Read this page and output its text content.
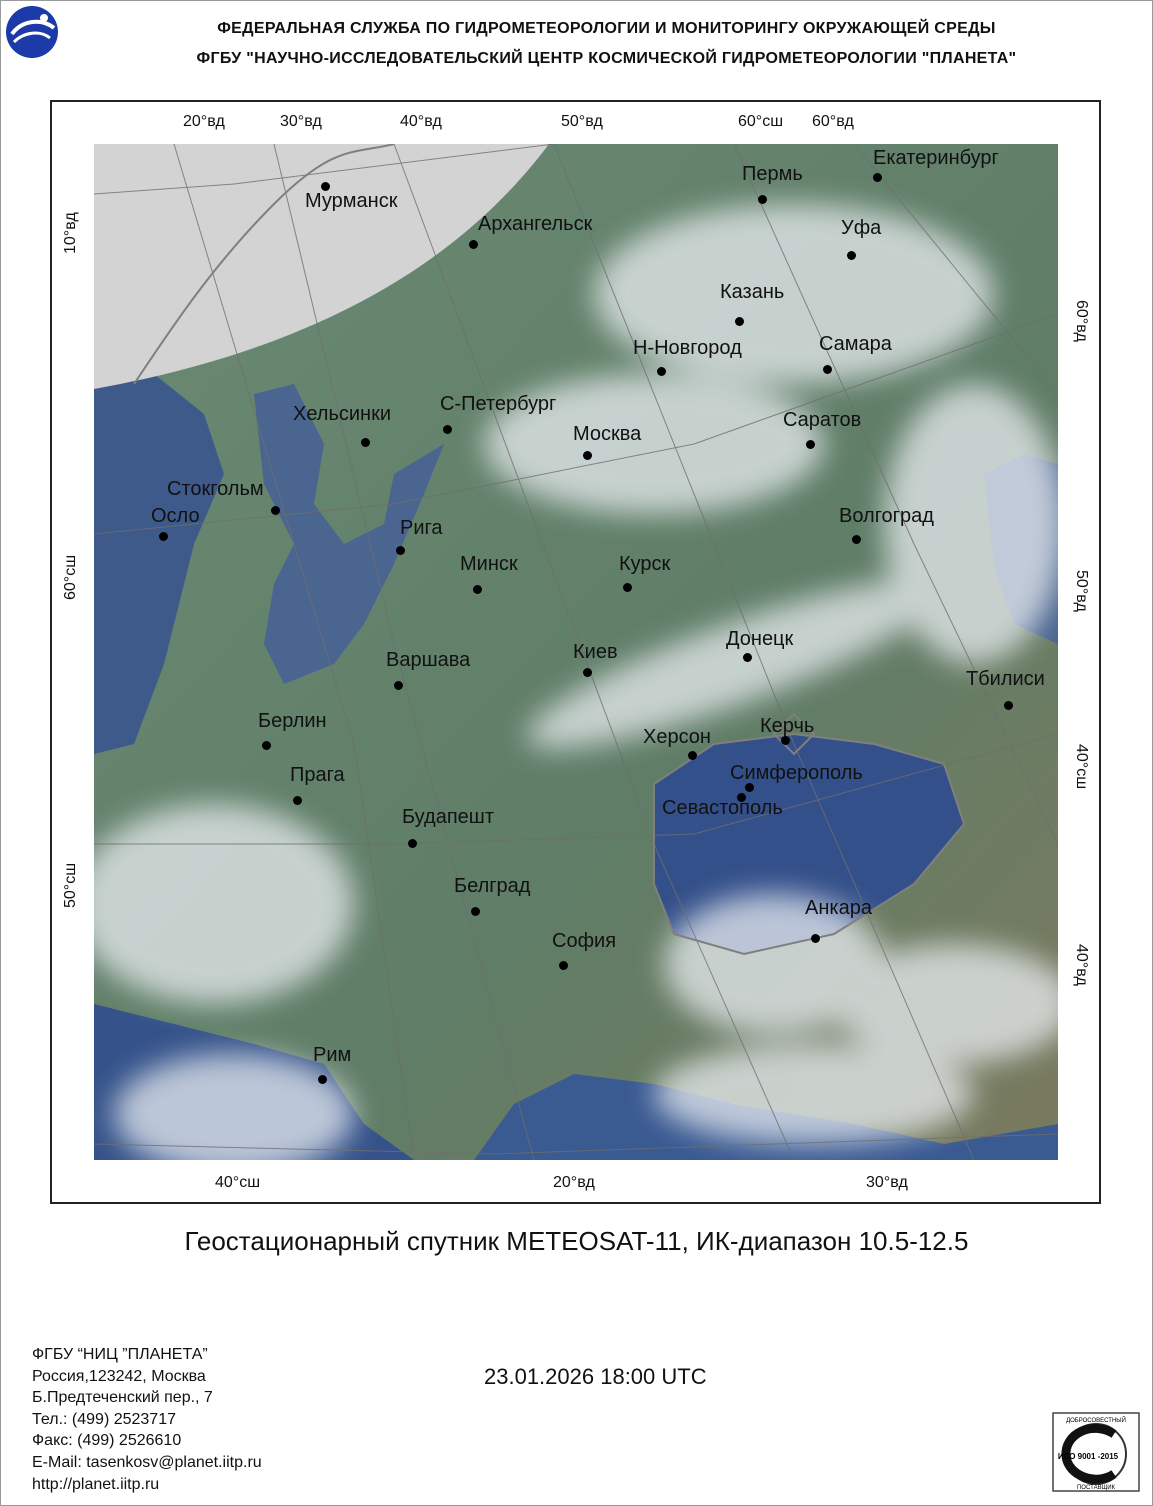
ФЕДЕРАЛЬНАЯ СЛУЖБА ПО ГИДРОМЕТЕОРОЛОГИИ И МОНИТОРИНГУ ОКРУЖАЮЩЕЙ СРЕДЫ
ФГБУ "НАУЧНО-ИССЛЕДОВАТЕЛЬСКИЙ ЦЕНТР КОСМИЧЕСКОЙ ГИДРОМЕТЕОРОЛОГИИ "ПЛАНЕТА"
20°вд	30°вд	40°вд	50°вд	60°сш 60°вд
40°сш	20°вд	30°вд
10°вд
60°сш
50°сш
60°вд
50°вд
40°сш
40°вд
Мурманск
Архангельск
Пермь
Екатеринбург
Уфа
Казань
Н-Новгород	Самара
С-Петербург
Хельсинки
Москва
Саратов
Стокгольм
Осло
Рига
Волгоград
Минск	Курск
Донецк
Киев
Варшава
Тбилиси
Берлин	Керчь
Херсон
Симферополь
Прага
Севастополь
Будапешт
Белград
Анкара
София
Рим
Геостационарный спутник METEOSAT-11, ИК-диапазон 10.5-12.5
23.01.2026 18:00 UTC
ФГБУ “НИЦ ”ПЛАНЕТА”
Россия,123242, Москва
Б.Предтеченский пер., 7
Тел.: (499) 2523717
Факс: (499) 2526610
E-Mail: tasenkosv@planet.iitp.ru
http://planet.iitp.ru
ДОБРОСОВЕСТНЫЙ
ИСО 9001 -2015
ПОСТАВЩИК
